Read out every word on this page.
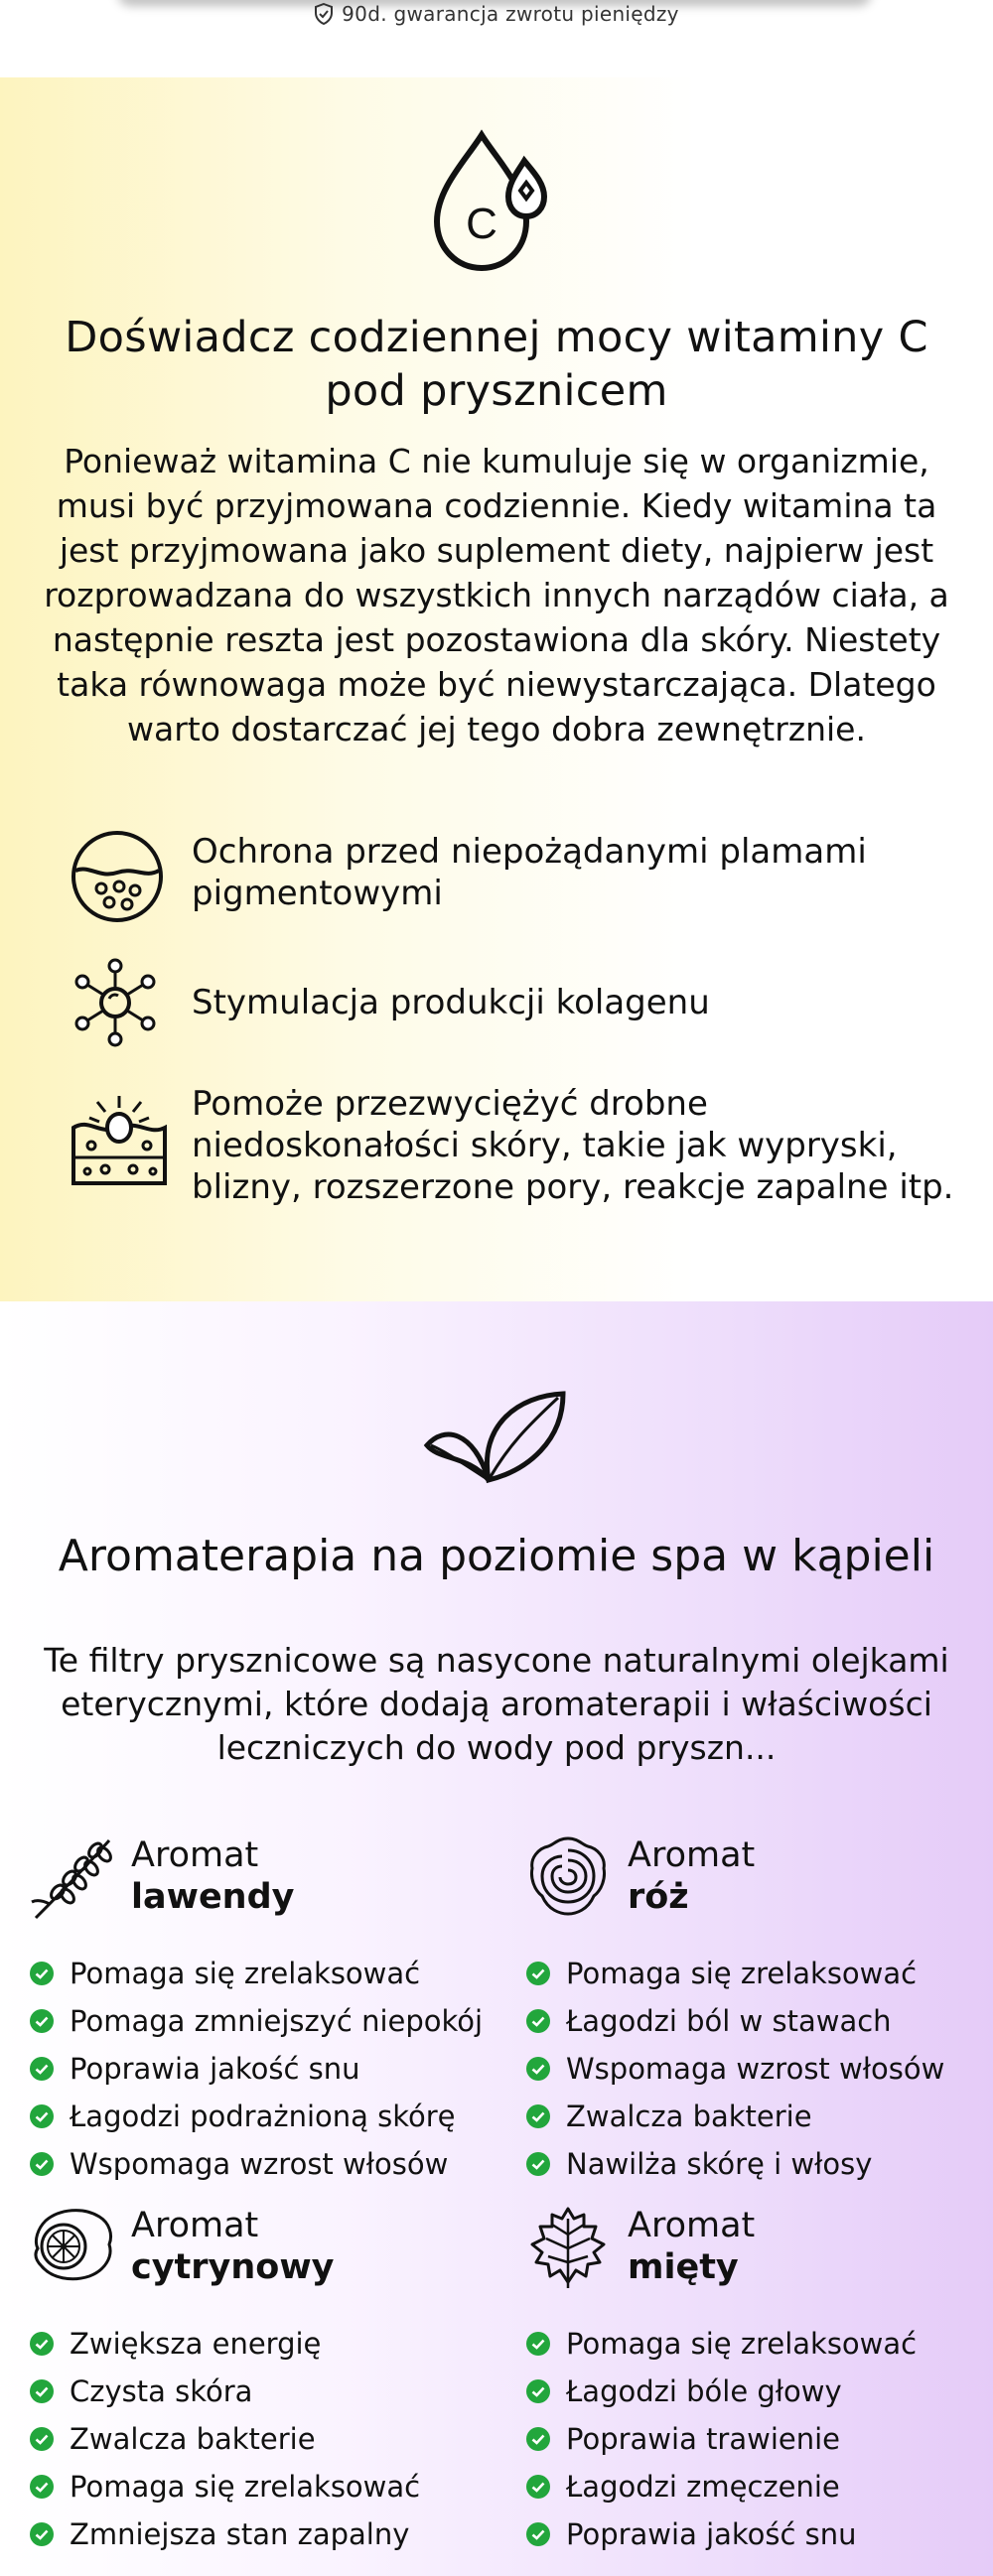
90d. gwarancja zwrotu pieniędzy
C
Doświadcz codziennej mocy witaminy C pod prysznicem
Ponieważ witamina C nie kumuluje się w organizmie, musi być przyjmowana codziennie. Kiedy witamina ta jest przyjmowana jako suplement diety, najpierw jest rozprowadzana do wszystkich innych narządów ciała, a następnie reszta jest pozostawiona dla skóry. Niestety taka równowaga może być niewystarczająca. Dlatego warto dostarczać jej tego dobra zewnętrznie.
Ochrona przed niepożądanymi plamami pigmentowymi
Stymulacja produkcji kolagenu
Pomoże przezwyciężyć drobne niedoskonałości skóry, takie jak wypryski, blizny, rozszerzone pory, reakcje zapalne itp.
Aromaterapia na poziomie spa w kąpieli
Te filtry prysznicowe są nasycone naturalnymi olejkami eterycznymi, które dodają aromaterapii i właściwości leczniczych do wody pod pryszn...
Aromat
lawendy
Pomaga się zrelaksować
Pomaga zmniejszyć niepokój
Poprawia jakość snu
Łagodzi podrażnioną skórę
Wspomaga wzrost włosów
Aromat
róż
Pomaga się zrelaksować
Łagodzi ból w stawach
Wspomaga wzrost włosów
Zwalcza bakterie
Nawilża skórę i włosy
Aromat
cytrynowy
Zwiększa energię
Czysta skóra
Zwalcza bakterie
Pomaga się zrelaksować
Zmniejsza stan zapalny
Aromat
mięty
Pomaga się zrelaksować
Łagodzi bóle głowy
Poprawia trawienie
Łagodzi zmęczenie
Poprawia jakość snu
